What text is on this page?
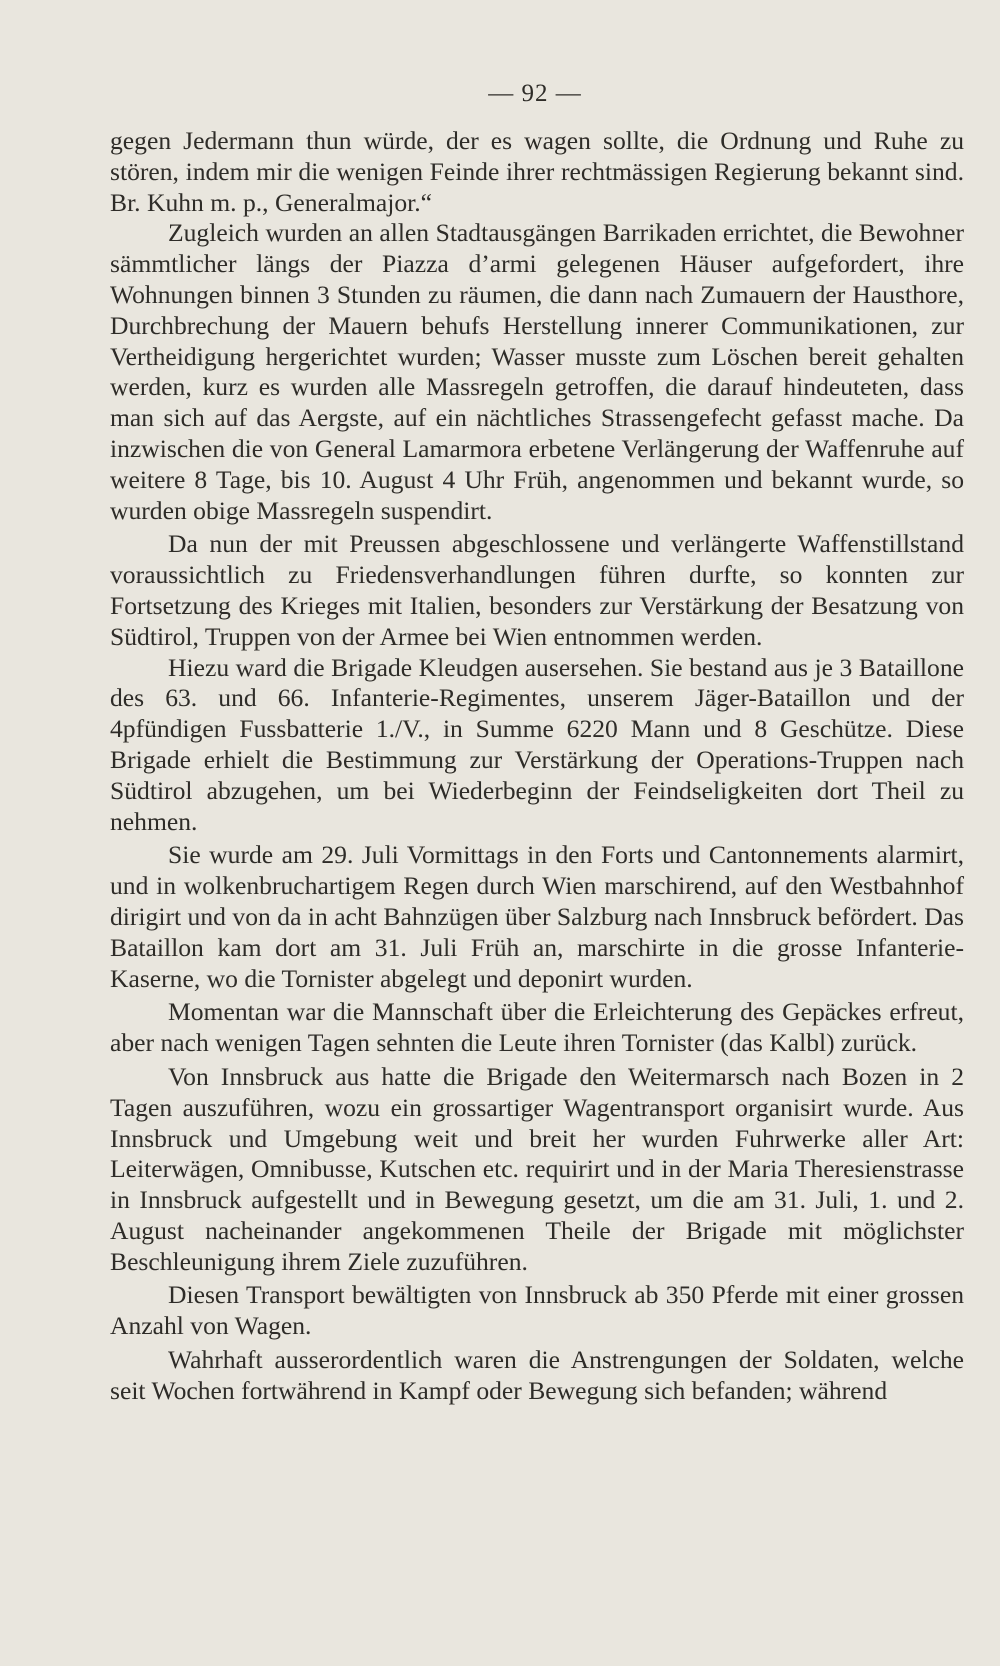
— 92 —

gegen Jedermann thun würde, der es wagen sollte, die Ordnung und Ruhe zu stören, indem mir die wenigen Feinde ihrer rechtmässigen Regierung bekannt sind. Br. Kuhn m. p., Generalmajor.“

Zugleich wurden an allen Stadtausgängen Barrikaden errichtet, die Bewohner sämmtlicher längs der Piazza d’armi gelegenen Häuser aufgefordert, ihre Wohnungen binnen 3 Stunden zu räumen, die dann nach Zumauern der Hausthore, Durchbrechung der Mauern behufs Herstellung innerer Communikationen, zur Vertheidigung hergerichtet wurden; Wasser musste zum Löschen bereit gehalten werden, kurz es wurden alle Massregeln getroffen, die darauf hindeuteten, dass man sich auf das Aergste, auf ein nächtliches Strassengefecht gefasst mache. Da inzwischen die von General Lamarmora erbetene Verlängerung der Waffenruhe auf weitere 8 Tage, bis 10. August 4 Uhr Früh, angenommen und bekannt wurde, so wurden obige Massregeln suspendirt.

Da nun der mit Preussen abgeschlossene und verlängerte Waffenstillstand voraussichtlich zu Friedensverhandlungen führen durfte, so konnten zur Fortsetzung des Krieges mit Italien, besonders zur Verstärkung der Besatzung von Südtirol, Truppen von der Armee bei Wien entnommen werden.

Hiezu ward die Brigade Kleudgen ausersehen. Sie bestand aus je 3 Bataillone des 63. und 66. Infanterie-Regimentes, unserem Jäger-Bataillon und der 4pfündigen Fussbatterie 1./V., in Summe 6220 Mann und 8 Geschütze. Diese Brigade erhielt die Bestimmung zur Verstärkung der Operations-Truppen nach Südtirol abzugehen, um bei Wiederbeginn der Feindseligkeiten dort Theil zu nehmen.

Sie wurde am 29. Juli Vormittags in den Forts und Cantonnements alarmirt, und in wolkenbruchartigem Regen durch Wien marschirend, auf den Westbahnhof dirigirt und von da in acht Bahnzügen über Salzburg nach Innsbruck befördert. Das Bataillon kam dort am 31. Juli Früh an, marschirte in die grosse Infanterie-Kaserne, wo die Tornister abgelegt und deponirt wurden.

Momentan war die Mannschaft über die Erleichterung des Gepäckes erfreut, aber nach wenigen Tagen sehnten die Leute ihren Tornister (das Kalbl) zurück.

Von Innsbruck aus hatte die Brigade den Weitermarsch nach Bozen in 2 Tagen auszuführen, wozu ein grossartiger Wagentransport organisirt wurde. Aus Innsbruck und Umgebung weit und breit her wurden Fuhrwerke aller Art: Leiterwägen, Omnibusse, Kutschen etc. requirirt und in der Maria Theresienstrasse in Innsbruck aufgestellt und in Bewegung gesetzt, um die am 31. Juli, 1. und 2. August nacheinander angekommenen Theile der Brigade mit möglichster Beschleunigung ihrem Ziele zuzuführen.

Diesen Transport bewältigten von Innsbruck ab 350 Pferde mit einer grossen Anzahl von Wagen.

Wahrhaft ausserordentlich waren die Anstrengungen der Soldaten, welche seit Wochen fortwährend in Kampf oder Bewegung sich befanden; während
